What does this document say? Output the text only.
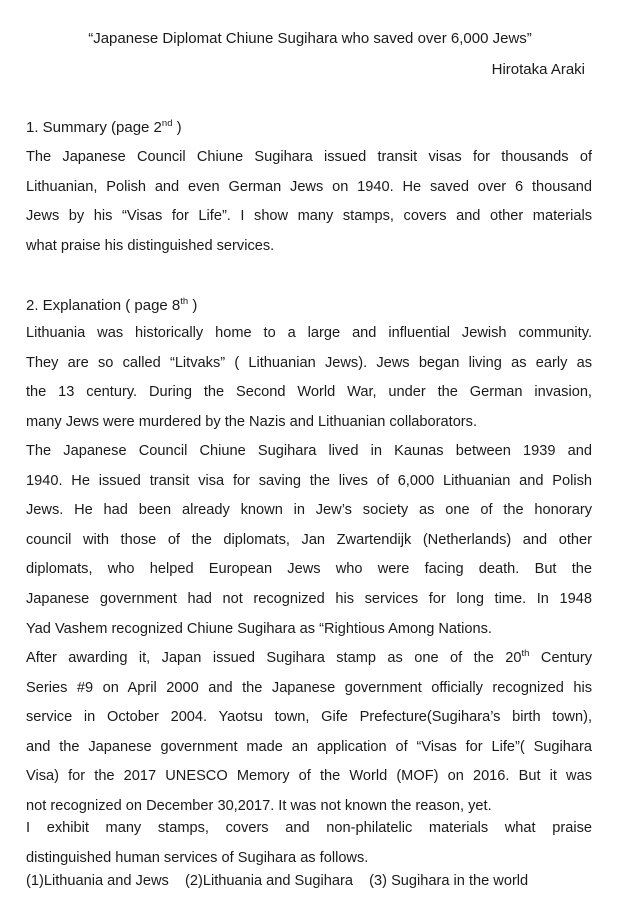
“Japanese Diplomat Chiune Sugihara who saved over 6,000 Jews”
Hirotaka Araki
1. Summary (page 2nd )
The Japanese Council Chiune Sugihara issued transit visas for thousands of
Lithuanian, Polish and even German Jews on 1940. He saved over 6 thousand
Jews by his “Visas for Life”. I show many stamps, covers and other materials
what praise his distinguished services.
2. Explanation ( page 8th )
Lithuania was historically home to a large and influential Jewish community.
They are so called “Litvaks” ( Lithuanian Jews). Jews began living as early as
the 13 century. During the Second World War, under the German invasion,
many Jews were murdered by the Nazis and Lithuanian collaborators.
The Japanese Council Chiune Sugihara lived in Kaunas between 1939 and
1940. He issued transit visa for saving the lives of 6,000 Lithuanian and Polish
Jews. He had been already known in Jew’s society as one of the honorary
council with those of the diplomats, Jan Zwartendijk (Netherlands) and other
diplomats, who helped European Jews who were facing death. But the
Japanese government had not recognized his services for long time. In 1948
Yad Vashem recognized Chiune Sugihara as “Rightious Among Nations.
After awarding it, Japan issued Sugihara stamp as one of the 20th Century
Series #9 on April 2000 and the Japanese government officially recognized his
service in October 2004. Yaotsu town, Gife Prefecture(Sugihara’s birth town),
and the Japanese government made an application of “Visas for Life”( Sugihara
Visa) for the 2017 UNESCO Memory of the World (MOF) on 2016. But it was
not recognized on December 30,2017. It was not known the reason, yet.
I exhibit many stamps, covers and non-philatelic materials what praise
distinguished human services of Sugihara as follows.
(1)Lithuania and Jews (2)Lithuania and Sugihara (3) Sugihara in the world
